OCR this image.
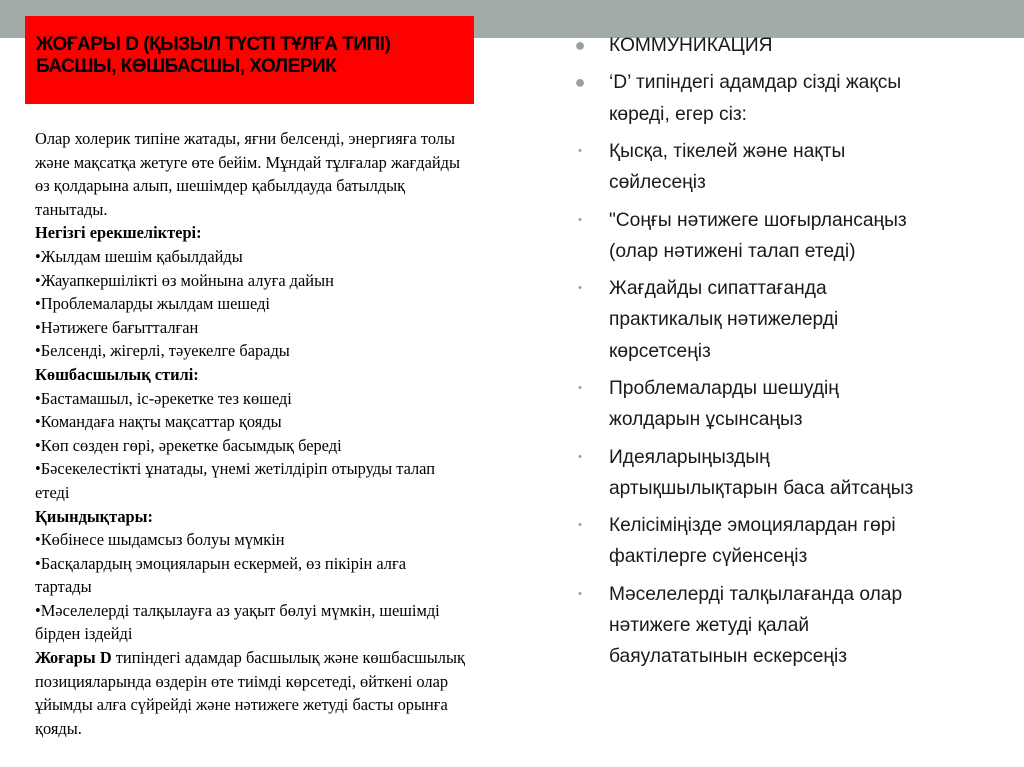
ЖОҒАРЫ D (ҚЫЗЫЛ ТҮСТІ ТҰЛҒА ТИПІ)
БАСШЫ, КӨШБАСШЫ, ХОЛЕРИК

Олар холерик типіне жатады, яғни белсенді, энергияға толы

және мақсатқа жетуге өте бейім. Мұндай тұлғалар жағдайды

өз қолдарына алып, шешімдер қабылдауда батылдық

танытады.

Негізгі ерекшеліктері:

•Жылдам шешім қабылдайды

•Жауапкершілікті өз мойнына алуға дайын

•Проблемаларды жылдам шешеді

•Нәтижеге бағытталған

•Белсенді, жігерлі, тәуекелге барады

Көшбасшылық стилі:

•Бастамашыл, іс-әрекетке тез көшеді

•Командаға нақты мақсаттар қояды

•Көп сөзден гөрі, әрекетке басымдық береді

•Бәсекелестікті ұнатады, үнемі жетілдіріп отыруды талап

етеді

Қиындықтары:

•Көбінесе шыдамсыз болуы мүмкін

•Басқалардың эмоцияларын ескермей, өз пікірін алға

тартады

•Мәселелерді талқылауға аз уақыт бөлуі мүмкін, шешімді

бірден іздейді

Жоғары D типіндегі адамдар басшылық және көшбасшылық

позицияларында өздерін өте тиімді көрсетеді, өйткені олар

ұйымды алға сүйрейді және нәтижеге жетуді басты орынға

қояды.

● КОММУНИКАЦИЯ
● ‘D’ типіндегі адамдар сізді жақсы
көреді, егер сіз:
• Қысқа, тікелей және нақты
сөйлесеңіз
• "Соңғы нәтижеге шоғырлансаңыз
(олар нәтижені талап етеді)
• Жағдайды сипаттағанда
практикалық нәтижелерді
көрсетсеңіз
• Проблемаларды шешудің
жолдарын ұсынсаңыз
• Идеяларыңыздың
артықшылықтарын баса айтсаңыз
• Келісіміңізде эмоциялардан гөрі
фактілерге сүйенсеңіз
• Мәселелерді талқылағанда олар
нәтижеге жетуді қалай
баяулататынын ескерсеңіз
